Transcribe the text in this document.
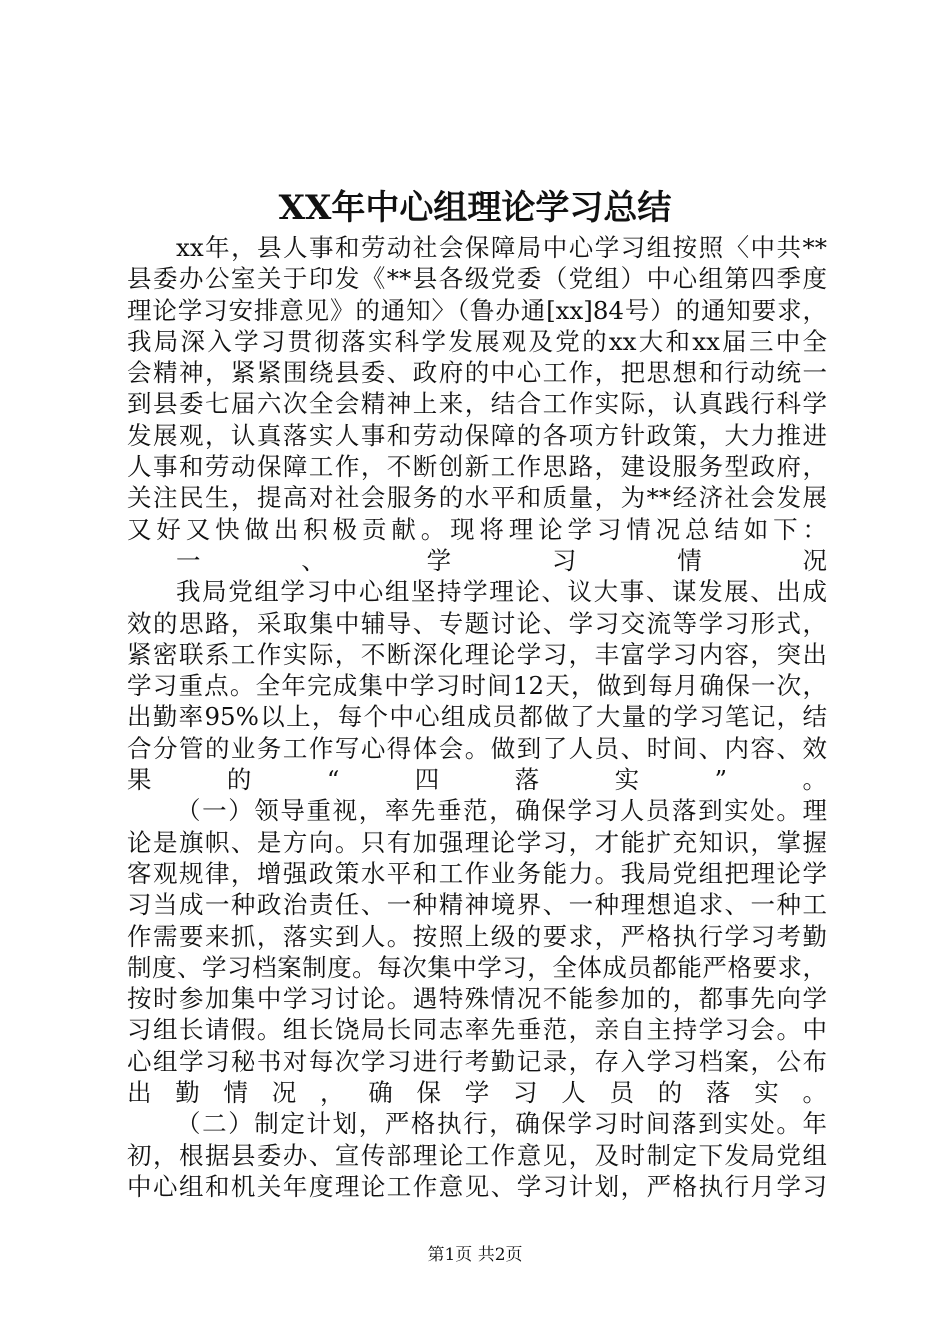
XX年中心组理论学习总结
xx年，县人事和劳动社会保障局中心学习组按照〈中共**
县委办公室关于印发《**县各级党委（党组）中心组第四季度
理论学习安排意见》的通知〉（鲁办通[xx]84号）的通知要求，
我局深入学习贯彻落实科学发展观及党的xx大和xx届三中全
会精神，紧紧围绕县委、政府的中心工作，把思想和行动统一
到县委七届六次全会精神上来，结合工作实际，认真践行科学
发展观，认真落实人事和劳动保障的各项方针政策，大力推进
人事和劳动保障工作，不断创新工作思路，建设服务型政府，
关注民生，提高对社会服务的水平和质量，为**经济社会发展
又好又快做出积极贡献。现将理论学习情况总结如下：
一、学习情况
我局党组学习中心组坚持学理论、议大事、谋发展、出成
效的思路，采取集中辅导、专题讨论、学习交流等学习形式，
紧密联系工作实际，不断深化理论学习，丰富学习内容，突出
学习重点。全年完成集中学习时间12天，做到每月确保一次，
出勤率95%以上，每个中心组成员都做了大量的学习笔记，结
合分管的业务工作写心得体会。做到了人员、时间、内容、效
果的“四落实”。
（一）领导重视，率先垂范，确保学习人员落到实处。理
论是旗帜、是方向。只有加强理论学习，才能扩充知识，掌握
客观规律，增强政策水平和工作业务能力。我局党组把理论学
习当成一种政治责任、一种精神境界、一种理想追求、一种工
作需要来抓，落实到人。按照上级的要求，严格执行学习考勤
制度、学习档案制度。每次集中学习，全体成员都能严格要求，
按时参加集中学习讨论。遇特殊情况不能参加的，都事先向学
习组长请假。组长饶局长同志率先垂范，亲自主持学习会。中
心组学习秘书对每次学习进行考勤记录，存入学习档案，公布
出勤情况，确保学习人员的落实。
（二）制定计划，严格执行，确保学习时间落到实处。年
初，根据县委办、宣传部理论工作意见，及时制定下发局党组
中心组和机关年度理论工作意见、学习计划，严格执行月学习
第1页 共2页
